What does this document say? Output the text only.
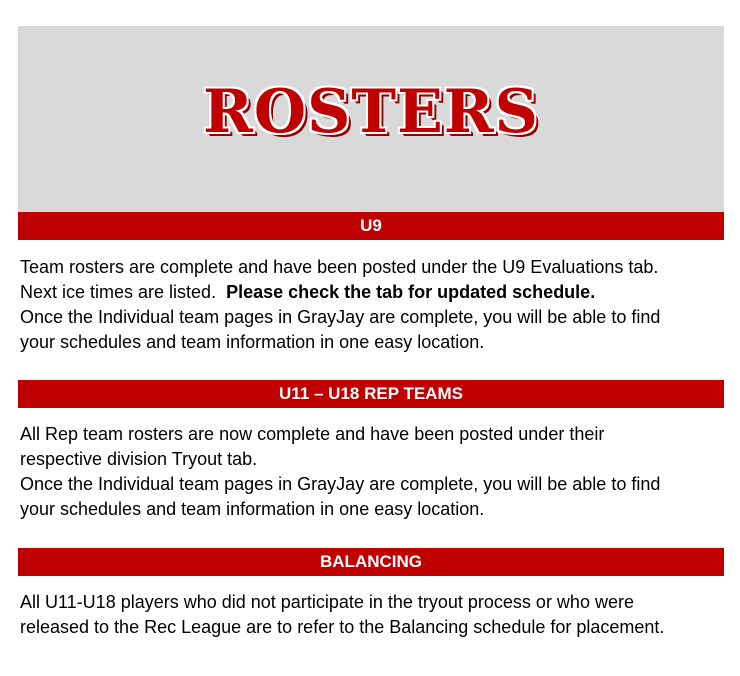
ROSTERS
U9
Team rosters are complete and have been posted under the U9 Evaluations tab.
Next ice times are listed.  Please check the tab for updated schedule.
Once the Individual team pages in GrayJay are complete, you will be able to find
your schedules and team information in one easy location.
U11 – U18 REP TEAMS
All Rep team rosters are now complete and have been posted under their
respective division Tryout tab.
Once the Individual team pages in GrayJay are complete, you will be able to find
your schedules and team information in one easy location.
BALANCING
All U11-U18 players who did not participate in the tryout process or who were
released to the Rec League are to refer to the Balancing schedule for placement.
